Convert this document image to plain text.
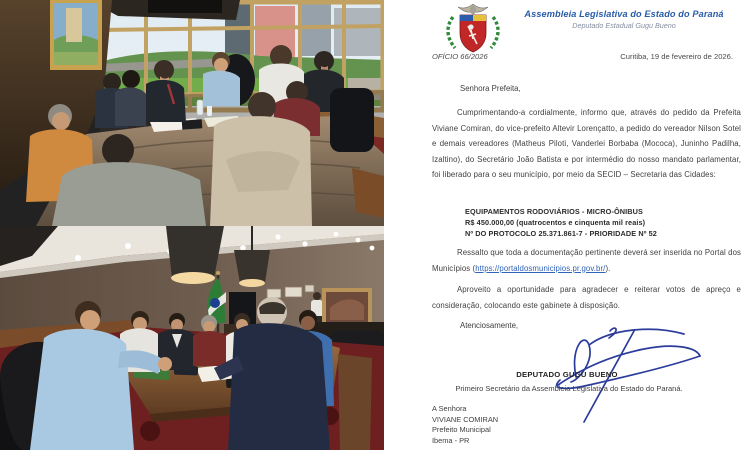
Assembleia Legislativa do Estado do Paraná
Deputado Estadual Gugu Bueno
OFÍCIO 66/2026	Curitiba, 19 de fevereiro de 2026.
Senhora Prefeita,
Cumprimentando-a cordialmente, informo que, através do pedido da Prefeita Viviane Comiran, do vice-prefeito Altevir Lorençatto, a pedido do vereador Nilson Sotel e demais vereadores (Matheus Piloti, Vanderlei Borbaba (Mococa), Juninho Padilha, Izaltino), do Secretário João Batista e por intermédio do nosso mandato parlamentar, foi liberado para o seu município, por meio da SECID – Secretaria das Cidades:
EQUIPAMENTOS RODOVIÁRIOS - MICRO-ÔNIBUS
R$ 450.000,00 (quatrocentos e cinquenta mil reais)
Nº DO PROTOCOLO 25.371.861-7 - PRIORIDADE Nº 52
Ressalto que toda a documentação pertinente deverá ser inserida no Portal dos Municípios (https://portaldosmunicipios.pr.gov.br/).
Aproveito a oportunidade para agradecer e reiterar votos de apreço e consideração, colocando este gabinete à disposição.
Atenciosamente,
DEPUTADO GUGU BUENO
Primeiro Secretário da Assembleia Legislativa do Estado do Paraná.
A Senhora
VIVIANE COMIRAN
Prefeito Municipal
Ibema - PR
